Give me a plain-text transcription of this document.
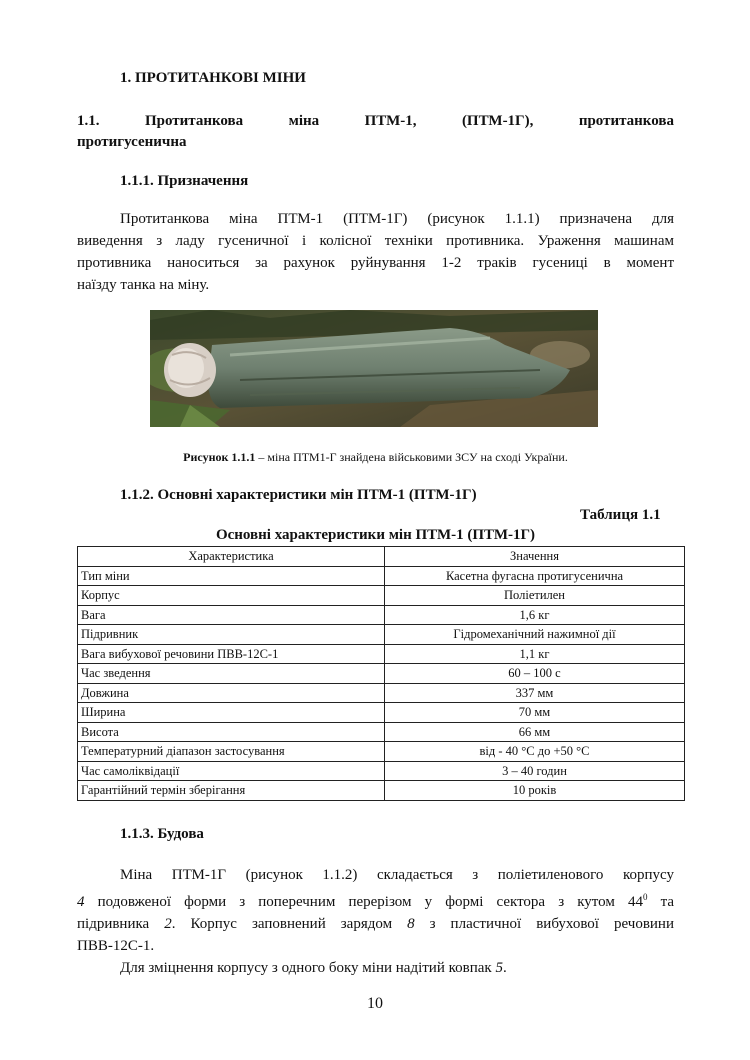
1. ПРОТИТАНКОВІ МІНИ
1.1.	Протитанкова	міна	ПТМ-1,	(ПТМ-1Г),	протитанкова
протигусенична
1.1.1. Призначення
Протитанкова міна ПТМ-1 (ПТМ-1Г) (рисунок 1.1.1) призначена для
виведення з ладу гусеничної і колісної техніки противника. Ураження машинам
противника наноситься за рахунок руйнування 1-2 траків гусениці в момент
наїзду танка на міну.
Рисунок 1.1.1 – міна ПТМ1-Г знайдена військовими ЗСУ на сході України.
1.1.2. Основні характеристики мін ПТМ-1 (ПТМ-1Г)
Таблиця 1.1
Основні характеристики мін ПТМ-1 (ПТМ-1Г)
Характеристика	Значення
Тип міни	Касетна фугасна протигусенична
Корпус	Поліетилен
Вага	1,6 кг
Підривник	Гідромеханічний нажимної дії
Вага вибухової речовини ПВВ-12С-1	1,1 кг
Час зведення	60 – 100 с
Довжина	337 мм
Ширина	70 мм
Висота	66 мм
Температурний діапазон застосування	від - 40 °С до +50 °С
Час самоліквідації	3 – 40 годин
Гарантійний термін зберігання	10 років
1.1.3. Будова
Міна ПТМ-1Г (рисунок 1.1.2) складається з поліетиленового корпусу
4 подовженої форми з поперечним перерізом у формі сектора з кутом $44^0$ та
підривника 2. Корпус заповнений зарядом 8 з пластичної вибухової речовини
ПВВ-12С-1.
Для зміцнення корпусу з одного боку міни надітий ковпак 5.
10
